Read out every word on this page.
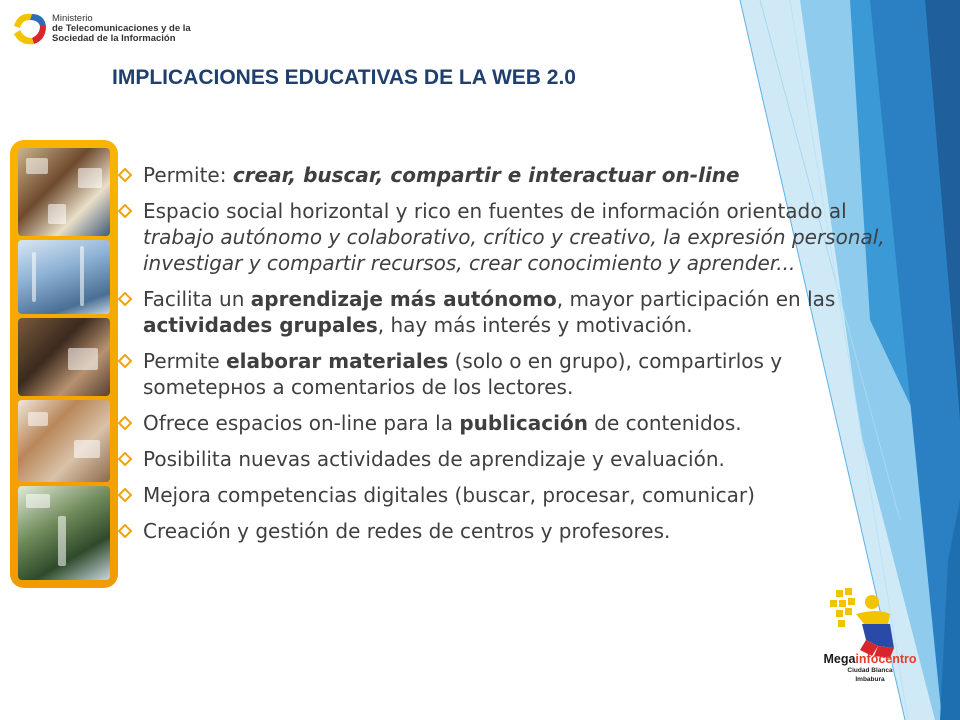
Ministerio
de Telecomunicaciones y de la
Sociedad de la Información
IMPLICACIONES EDUCATIVAS DE LA WEB 2.0
Permite: crear, buscar, compartir e interactuar on-line
Espacio social horizontal y rico en fuentes de información orientado al trabajo autónomo y colaborativo, crítico y creativo, la expresión personal, investigar y compartir recursos, crear conocimiento y aprender...
Facilita un aprendizaje más autónomo, mayor participación en las actividades grupales, hay más interés y motivación.
Permite elaborar materiales (solo o en grupo), compartirlos y sometернos a comentarios de los lectores.
Ofrece espacios on-line para la publicación de contenidos.
Posibilita nuevas actividades de aprendizaje y evaluación.
Mejora competencias digitales (buscar, procesar, comunicar)
Creación y gestión de redes de centros y profesores.
Megainfocentro
Ciudad Blanca
Imbabura
